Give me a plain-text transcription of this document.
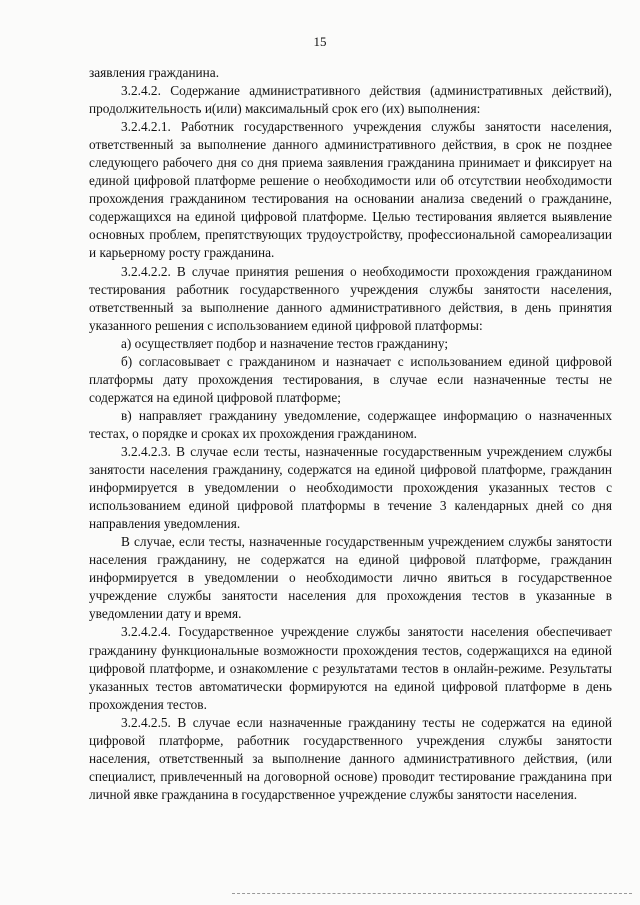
15

заявления гражданина.

3.2.4.2. Содержание административного действия (административных действий), продолжительность и(или) максимальный срок его (их) выполнения:

3.2.4.2.1. Работник государственного учреждения службы занятости населения, ответственный за выполнение данного административного действия, в срок не позднее следующего рабочего дня со дня приема заявления гражданина принимает и фиксирует на единой цифровой платформе решение о необходимости или об отсутствии необходимости прохождения гражданином тестирования на основании анализа сведений о гражданине, содержащихся на единой цифровой платформе. Целью тестирования является выявление основных проблем, препятствующих трудоустройству, профессиональной самореализации и карьерному росту гражданина.

3.2.4.2.2. В случае принятия решения о необходимости прохождения гражданином тестирования работник государственного учреждения службы занятости населения, ответственный за выполнение данного административного действия, в день принятия указанного решения с использованием единой цифровой платформы:

а) осуществляет подбор и назначение тестов гражданину;

б) согласовывает с гражданином и назначает с использованием единой цифровой платформы дату прохождения тестирования, в случае если назначенные тесты не содержатся на единой цифровой платформе;

в) направляет гражданину уведомление, содержащее информацию о назначенных тестах, о порядке и сроках их прохождения гражданином.

3.2.4.2.3. В случае если тесты, назначенные государственным учреждением службы занятости населения гражданину, содержатся на единой цифровой платформе, гражданин информируется в уведомлении о необходимости прохождения указанных тестов с использованием единой цифровой платформы в течение 3 календарных дней со дня направления уведомления.

В случае, если тесты, назначенные государственным учреждением службы занятости населения гражданину, не содержатся на единой цифровой платформе, гражданин информируется в уведомлении о необходимости лично явиться в государственное учреждение службы занятости населения для прохождения тестов в указанные в уведомлении дату и время.

3.2.4.2.4. Государственное учреждение службы занятости населения обеспечивает гражданину функциональные возможности прохождения тестов, содержащихся на единой цифровой платформе, и ознакомление с результатами тестов в онлайн-режиме. Результаты указанных тестов автоматически формируются на единой цифровой платформе в день прохождения тестов.

3.2.4.2.5. В случае если назначенные гражданину тесты не содержатся на единой цифровой платформе, работник государственного учреждения службы занятости населения, ответственный за выполнение данного административного действия, (или специалист, привлеченный на договорной основе) проводит тестирование гражданина при личной явке гражданина в государственное учреждение службы занятости населения.
